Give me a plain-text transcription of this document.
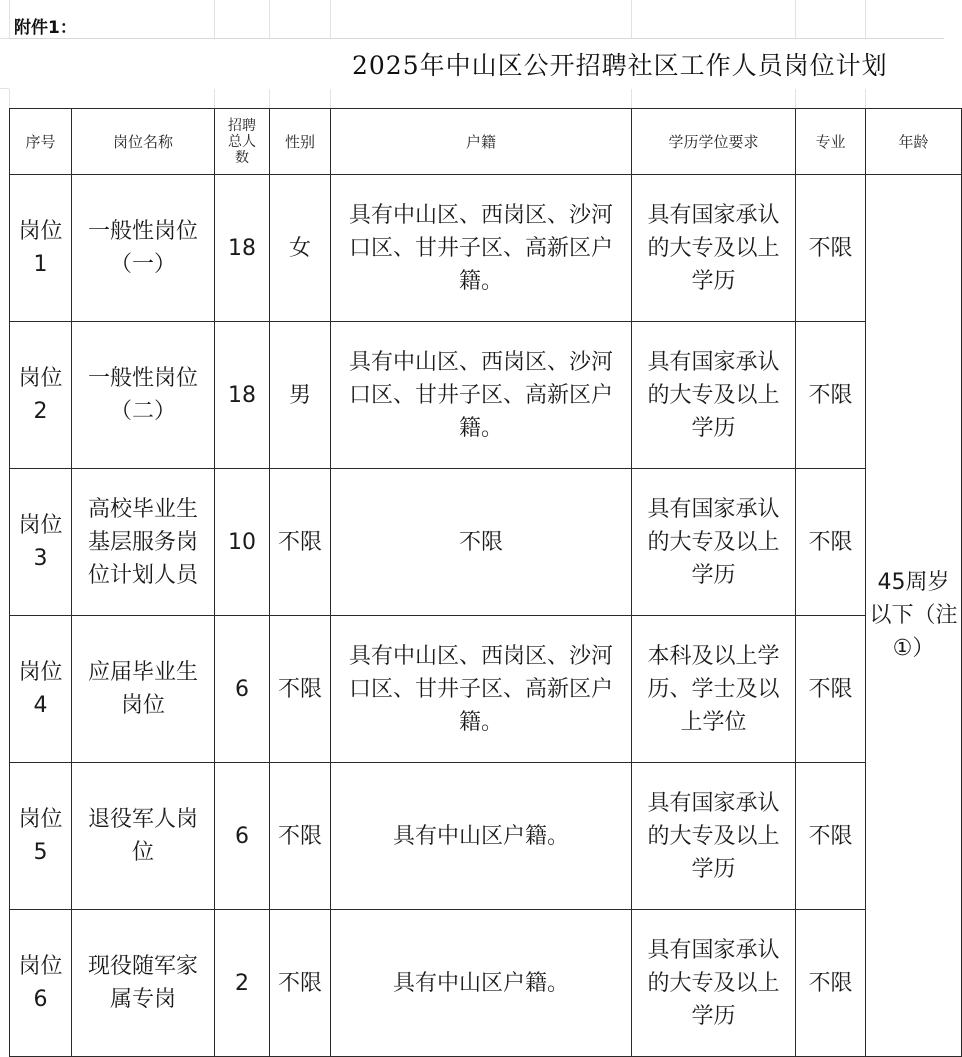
附件1：
2025年中山区公开招聘社区工作人员岗位计划
序号	岗位名称	招聘总人数	性别	户籍	学历学位要求	专业	年龄

岗位1	一般性岗位（一）	18	女	具有中山区、西岗区、沙河口区、甘井子区、高新区户籍。	具有国家承认的大专及以上学历	不限	45周岁以下（注①）

岗位2	一般性岗位（二）	18	男	具有中山区、西岗区、沙河口区、甘井子区、高新区户籍。	具有国家承认的大专及以上学历	不限	

岗位3	高校毕业生基层服务岗位计划人员	10	不限	不限	具有国家承认的大专及以上学历	不限	

岗位4	应届毕业生岗位	6	不限	具有中山区、西岗区、沙河口区、甘井子区、高新区户籍。	本科及以上学历、学士及以上学位	不限	

岗位5	退役军人岗位	6	不限	具有中山区户籍。	具有国家承认的大专及以上学历	不限	

岗位6	现役随军家属专岗	2	不限	具有中山区户籍。	具有国家承认的大专及以上学历	不限	
